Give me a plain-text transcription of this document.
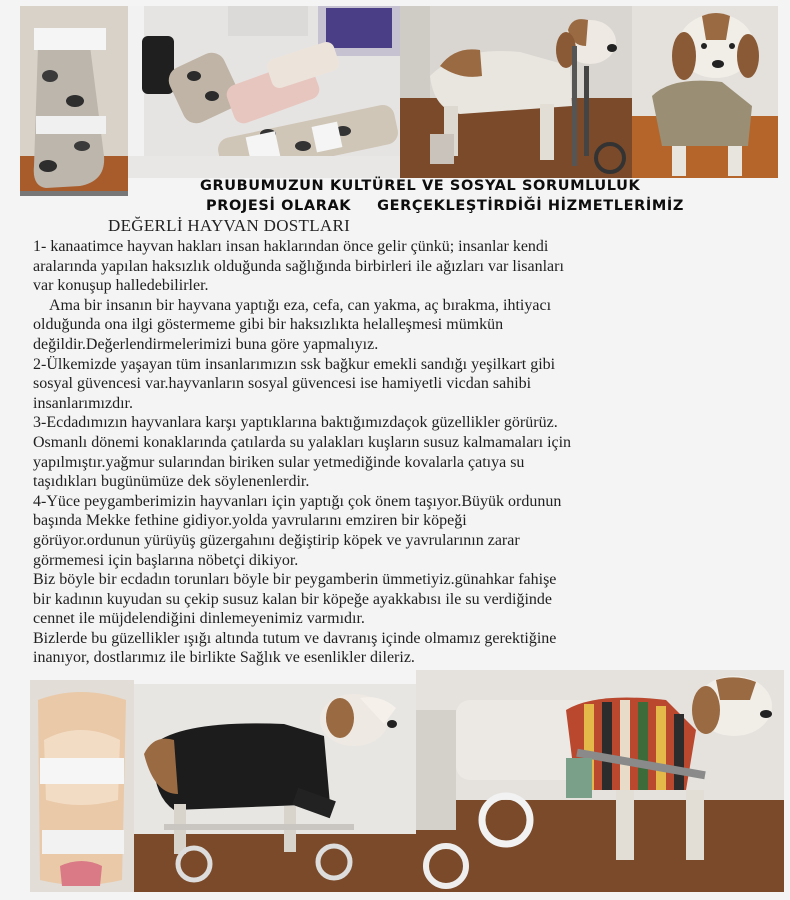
GRUBUMUZUN KULTÜREL VE SOSYAL SORUMLULUK
PROJESİ OLARAK GERÇEKLEŞTİRDİĞİ HİZMETLERİMİZ
DEĞERLİ HAYVAN DOSTLARI
1- kanaatimce hayvan hakları insan haklarından önce gelir çünkü; insanlar kendi
aralarında yapılan haksızlık olduğunda sağlığında birbirleri ile ağızları var lisanları
var konuşup halledebilirler.
Ama bir insanın bir hayvana yaptığı eza, cefa, can yakma, aç bırakma, ihtiyacı
olduğunda ona ilgi göstermeme gibi bir haksızlıkta helalleşmesi mümkün
değildir.Değerlendirmelerimizi buna göre yapmalıyız.
2-Ülkemizde yaşayan tüm insanlarımızın ssk bağkur emekli sandığı yeşilkart gibi
sosyal güvencesi var.hayvanların sosyal güvencesi ise hamiyetli vicdan sahibi
insanlarımızdır.
3-Ecdadımızın hayvanlara karşı yaptıklarına baktığımızdaçok güzellikler görürüz.
Osmanlı dönemi konaklarında çatılarda su yalakları kuşların susuz kalmamaları için
yapılmıştır.yağmur sularından biriken sular yetmediğinde kovalarla çatıya su
taşıdıkları bugünümüze dek söylenenlerdir.
4-Yüce peygamberimizin hayvanları için yaptığı çok önem taşıyor.Büyük ordunun
başında Mekke fethine gidiyor.yolda yavrularını emziren bir köpeği
görüyor.ordunun yürüyüş güzergahını değiştirip köpek ve yavrularının zarar
görmemesi için başlarına nöbetçi dikiyor.
Biz böyle bir ecdadın torunları böyle bir peygamberin ümmetiyiz.günahkar fahişe
bir kadının kuyudan su çekip susuz kalan bir köpeğe ayakkabısı ile su verdiğinde
cennet ile müjdelendiğini dinlemeyenimiz varmıdır.
Bizlerde bu güzellikler ışığı altında tutum ve davranış içinde olmamız gerektiğine
inanıyor, dostlarımız ile birlikte Sağlık ve esenlikler dileriz.
